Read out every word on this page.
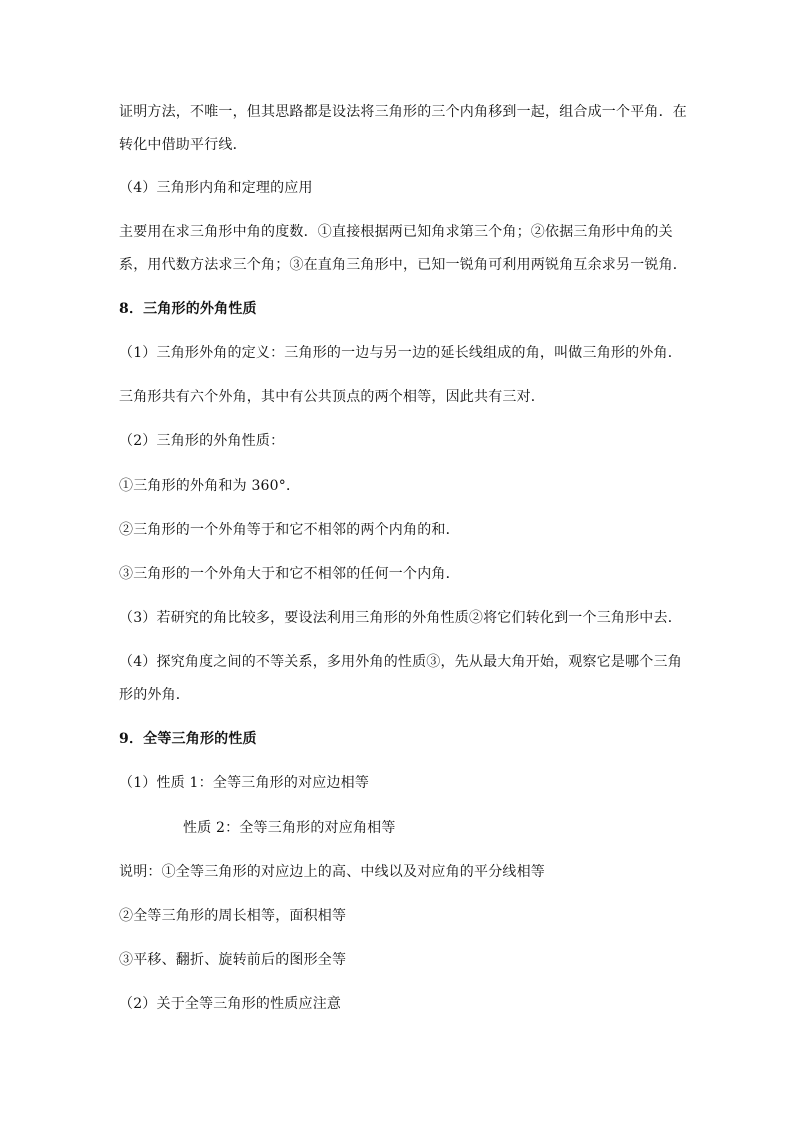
证明方法，不唯一，但其思路都是设法将三角形的三个内角移到一起，组合成一个平角．在
转化中借助平行线．
（4）三角形内角和定理的应用
主要用在求三角形中角的度数．①直接根据两已知角求第三个角；②依据三角形中角的关
系，用代数方法求三个角；③在直角三角形中，已知一锐角可利用两锐角互余求另一锐角．
8．三角形的外角性质
（1）三角形外角的定义：三角形的一边与另一边的延长线组成的角，叫做三角形的外角．
三角形共有六个外角，其中有公共顶点的两个相等，因此共有三对．
（2）三角形的外角性质：
①三角形的外角和为 360°．
②三角形的一个外角等于和它不相邻的两个内角的和．
③三角形的一个外角大于和它不相邻的任何一个内角．
（3）若研究的角比较多，要设法利用三角形的外角性质②将它们转化到一个三角形中去．
（4）探究角度之间的不等关系，多用外角的性质③，先从最大角开始，观察它是哪个三角
形的外角．
9．全等三角形的性质
（1）性质 1：全等三角形的对应边相等
性质 2：全等三角形的对应角相等
说明：①全等三角形的对应边上的高、中线以及对应角的平分线相等
②全等三角形的周长相等，面积相等
③平移、翻折、旋转前后的图形全等
（2）关于全等三角形的性质应注意
